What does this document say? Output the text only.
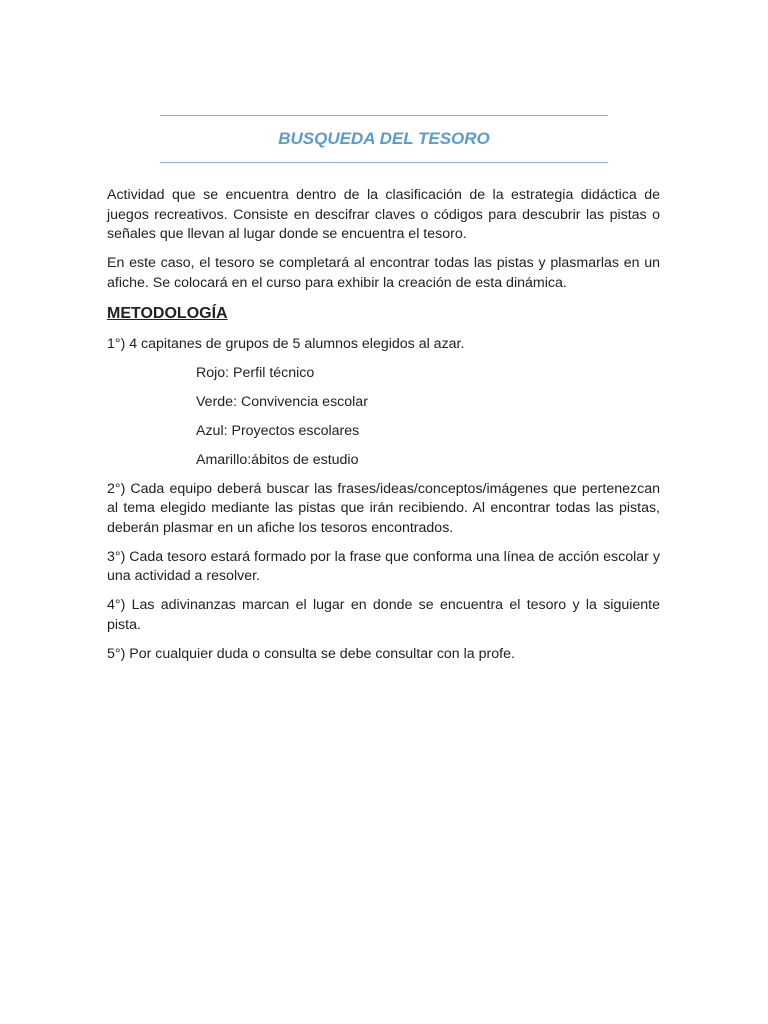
BUSQUEDA DEL TESORO

Actividad que se encuentra dentro de la clasificación de la estrategia didáctica de juegos recreativos. Consiste en descifrar claves o códigos para descubrir las pistas o señales que llevan al lugar donde se encuentra el tesoro.

En este caso, el tesoro se completará al encontrar todas las pistas y plasmarlas en un afiche. Se colocará en el curso para exhibir la creación de esta dinámica.

METODOLOGÍA

1°) 4 capitanes de grupos de 5 alumnos elegidos al azar.

Rojo: Perfil técnico

Verde: Convivencia escolar

Azul: Proyectos escolares

Amarillo:ábitos de estudio

2°) Cada equipo deberá buscar las frases/ideas/conceptos/imágenes que pertenezcan al tema elegido mediante las pistas que irán recibiendo. Al encontrar todas las pistas, deberán plasmar en un afiche los tesoros encontrados.

3°) Cada tesoro estará formado por la frase que conforma una línea de acción escolar y una actividad a resolver.

4°) Las adivinanzas marcan el lugar en donde se encuentra el tesoro y la siguiente pista.

5°) Por cualquier duda o consulta se debe consultar con la profe.
